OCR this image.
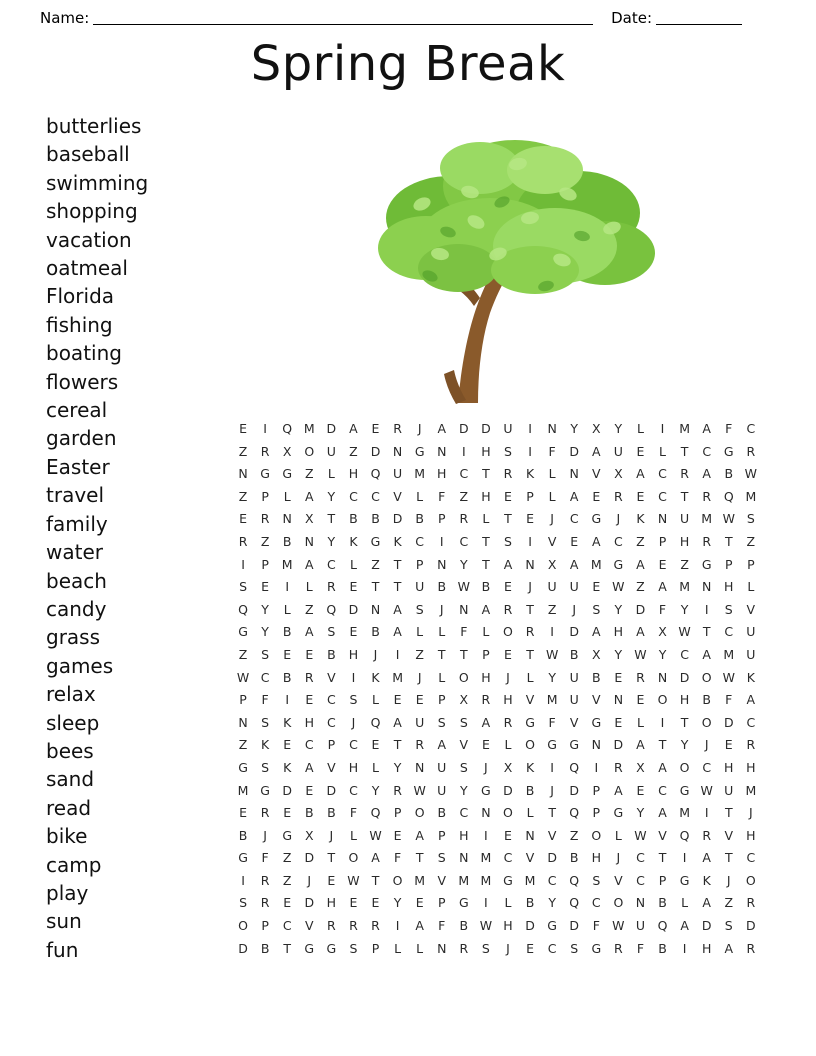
Name:	Date:
Spring Break
butterlies
baseball
swimming
shopping
vacation
oatmeal
Florida
fishing
boating
flowers
cereal
garden
Easter
travel
family
water
beach
candy
grass
games
relax
sleep
bees
sand
read
bike
camp
play
sun
fun
E	I	Q M D	A	E	R	J	A	D D	U	I	N	Y	X	Y	L	I	M A	F	C
Z	R	X	O	U	Z	D	N	G	N	I	H	S	I	F	D	A	U	E	L	T	C	G	R
N	G G	Z	L	H Q	U M H	C	T	R	K	L	N	V	X	A	C	R	A	B W
Z	P	L	A	Y	C	C	V	L	F	Z	H	E	P	L	A	E	R	E	C	T	R	Q M
E	R	N	X	T	B	B	D	B	P	R	L	T	E	J	C	G	J	K	N	U M W S
R	Z	B	N	Y	K	G	K	C	I	C	T	S	I	V	E	A	C	Z	P	H	R	T	Z
I	P	M A	C	L	Z	T	P	N	Y	T	A	N	X	A M G	A	E	Z	G	P	P
S	E	I	L	R	E	T	T	U	B W B	E	J	U	U	E W Z	A M N	H	L
Q	Y	L	Z	Q D	N	A	S	J	N	A	R	T	Z	J	S	Y	D	F	Y	I	S	V
G	Y	B	A	S	E	B	A	L	L	F	L	O	R	I	D	A	H	A	X W T	C	U
Z	S	E	E	B	H	J	I	Z	T	T	P	E	T W B	X	Y W Y	C	A M U
W C	B	R	V	I	K	M	J	L	O H	J	L	Y	U	B	E	R	N	D O W K
P	F	I	E	C	S	L	E	E	P	X	R	H	V M U	V	N	E	O H	B	F	A
N	S	K	H	C	J	Q	A	U	S	S	A	R	G	F	V	G	E	L	I	T	O D	C
Z	K	E	C	P	C	E	T	R	A	V	E	L	O G G	N	D	A	T	Y	J	E	R
G	S	K	A	V	H	L	Y	N	U	S	J	X	K	I	Q	I	R	X	A	O	C	H	H
M G D	E	D	C	Y	R W U	Y	G D	B	J	D	P	A	E	C	G W U M
E	R	E	B	B	F	Q	P	O	B	C	N O	L	T	Q	P	G	Y	A M	I	T	J
B	J	G	X	J	L W E	A	P	H	I	E	N	V	Z	O	L W V	Q	R	V	H
G	F	Z	D	T	O	A	F	T	S	N M C	V	D	B	H	J	C	T	I	A	T	C
I	R	Z	J	E W T	O M V M M G M C	Q	S	V	C	P	G	K	J	O
S	R	E	D	H	E	E	Y	E	P	G	I	L	B	Y	Q	C	O N	B	L	A	Z	R
O	P	C	V	R	R	R	I	A	F	B W H	D G D	F W U	Q	A	D	S	D
D	B	T	G G	S	P	L	L	N	R	S	J	E	C	S	G	R	F	B	I	H	A	R
